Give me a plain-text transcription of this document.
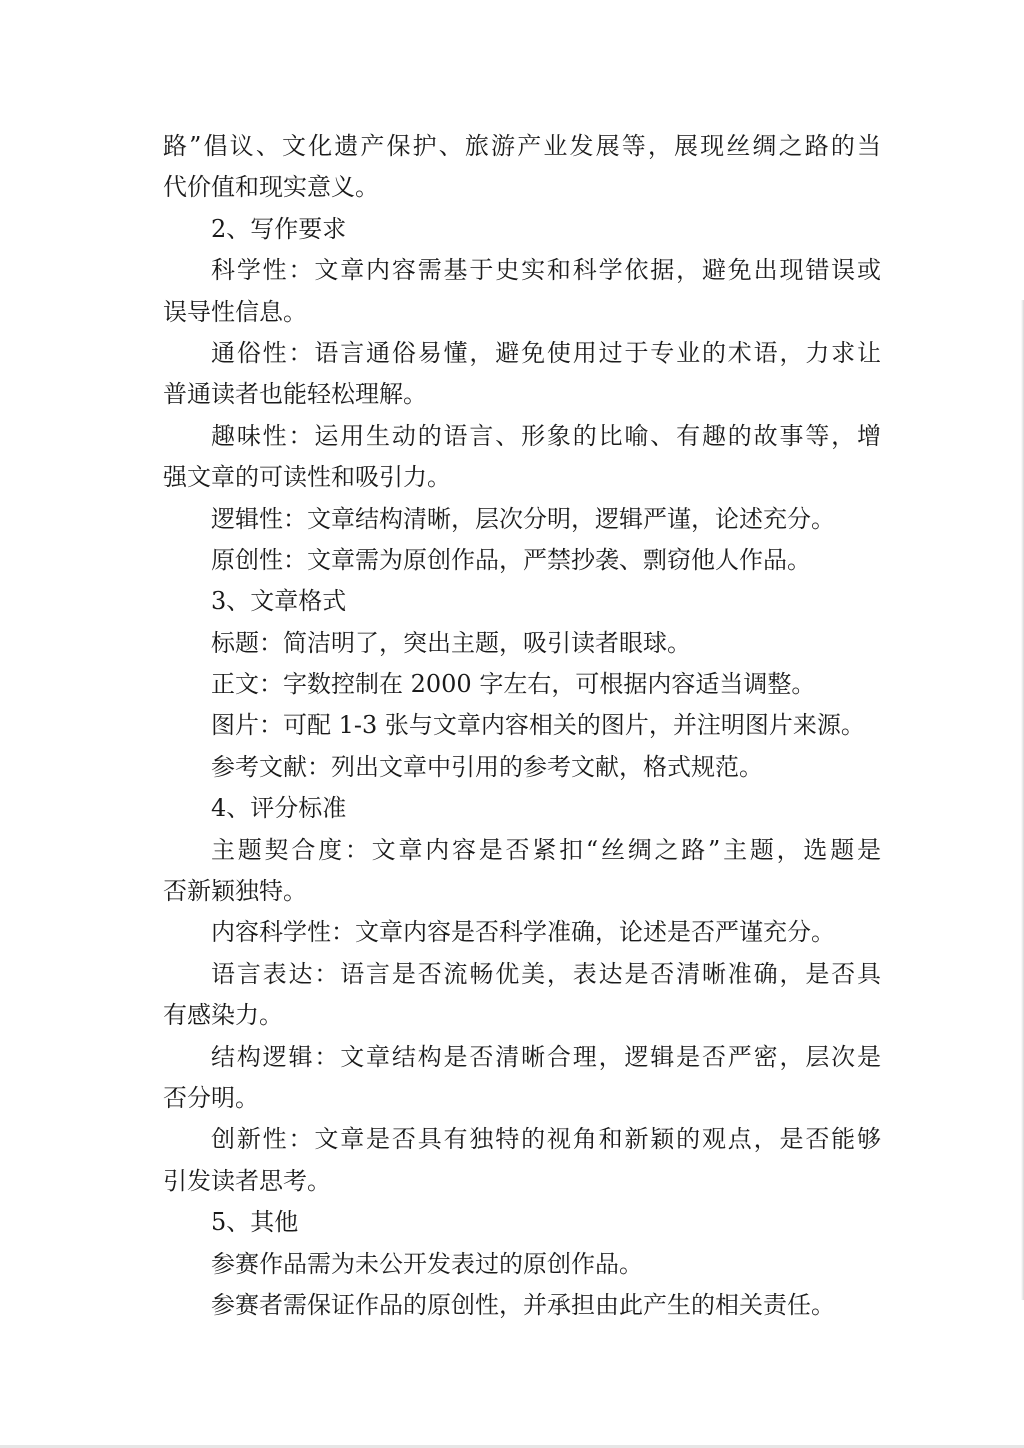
路”倡议、文化遗产保护、旅游产业发展等，展现丝绸之路的当
代价值和现实意义。
2、写作要求
科学性：文章内容需基于史实和科学依据，避免出现错误或
误导性信息。
通俗性：语言通俗易懂，避免使用过于专业的术语，力求让
普通读者也能轻松理解。
趣味性：运用生动的语言、形象的比喻、有趣的故事等，增
强文章的可读性和吸引力。
逻辑性：文章结构清晰，层次分明，逻辑严谨，论述充分。
原创性：文章需为原创作品，严禁抄袭、剽窃他人作品。
3、文章格式
标题：简洁明了，突出主题，吸引读者眼球。
正文：字数控制在 2000 字左右，可根据内容适当调整。
图片：可配 1-3 张与文章内容相关的图片，并注明图片来源。
参考文献：列出文章中引用的参考文献，格式规范。
4、评分标准
主题契合度：文章内容是否紧扣“丝绸之路”主题，选题是
否新颖独特。
内容科学性：文章内容是否科学准确，论述是否严谨充分。
语言表达：语言是否流畅优美，表达是否清晰准确，是否具
有感染力。
结构逻辑：文章结构是否清晰合理，逻辑是否严密，层次是
否分明。
创新性：文章是否具有独特的视角和新颖的观点，是否能够
引发读者思考。
5、其他
参赛作品需为未公开发表过的原创作品。
参赛者需保证作品的原创性，并承担由此产生的相关责任。
